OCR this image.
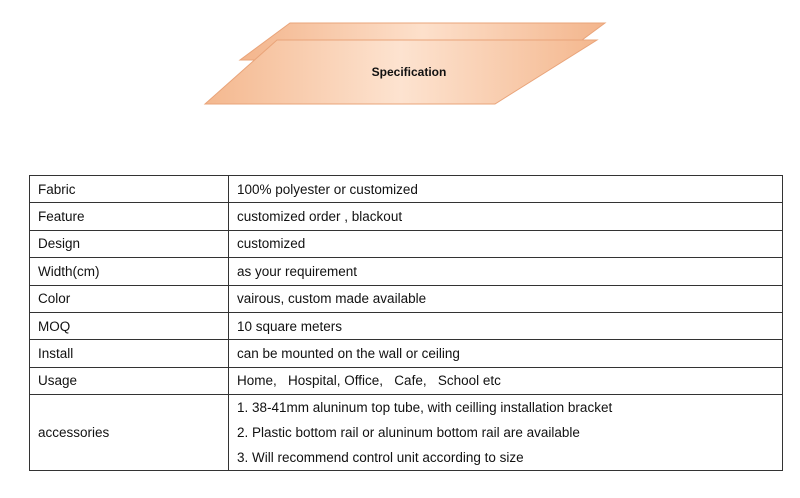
Specification
Fabric	100% polyester or customized
Feature	customized order , blackout
Design	customized
Width(cm)	as your requirement
Color	vairous, custom made available
MOQ	10 square meters
Install	can be mounted on the wall or ceiling
Usage	Home,   Hospital, Office,   Cafe,   School etc
accessories	1. 38-41mm aluninum top tube, with ceilling installation bracket
2. Plastic bottom rail or aluninum bottom rail are available
3. Will recommend control unit according to size
